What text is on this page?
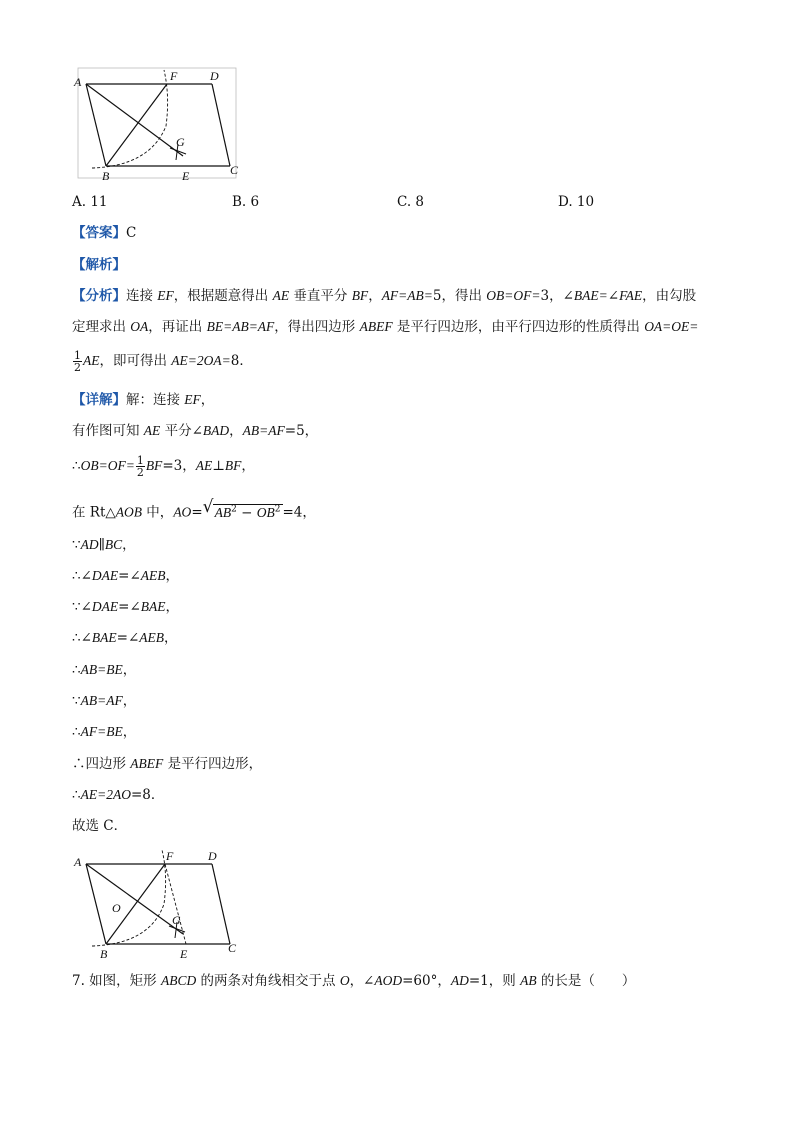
A	F	D
G
B	E	C
A. 11	B. 6	C. 8	D. 10
【答案】C
【解析】
【分析】连接 EF，根据题意得出 AE 垂直平分 BF，AF=AB=5，得出 OB=OF=3，∠BAE=∠FAE，由勾股
定理求出 OA，再证出 BE=AB=AF，得出四边形 ABEF 是平行四边形，由平行四边形的性质得出 OA=OE=
$\frac{1}{2}$ AE，即可得出 AE=2OA=8．
【详解】解：连接 EF，
有作图可知 AE 平分∠BAD，AB=AF=5，
∴OB=OF= $\frac{1}{2} BF=3$，AE⊥BF，
在 Rt△AOB 中，AO= √ $AB^2 - OB^2 =4$，
∵AD∥BC，
∴∠DAE=∠AEB，
∵∠DAE=∠BAE，
∴∠BAE=∠AEB，
∴AB=BE，
∵AB=AF，
∴AF=BE，
∴四边形 ABEF 是平行四边形，
∴AE=2AO=8．
故选 C．
A	F	D
O
G
B	E	C
7. 如图，矩形 ABCD 的两条对角线相交于点 O，∠AOD=60°，AD=1，则 AB 的长是（　　）
